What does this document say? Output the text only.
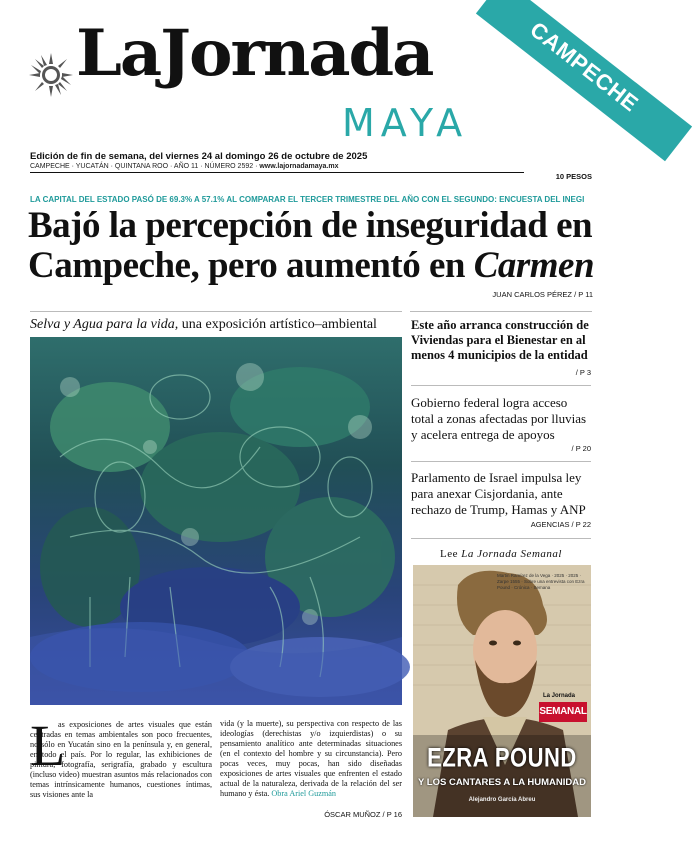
LaJornada
MAYA
CAMPECHE
Edición de fin de semana, del viernes 24 al domingo 26 de octubre de 2025
CAMPECHE · YUCATÁN · QUINTANA ROO · AÑO 11 · NÚMERO 2592 · www.lajornadamaya.mx
10 PESOS
LA CAPITAL DEL ESTADO PASÓ DE 69.3% A 57.1% AL COMPARAR EL TERCER TRIMESTRE DEL AÑO CON EL SEGUNDO: ENCUESTA DEL INEGI
Bajó la percepción de inseguridad en Campeche, pero aumentó en Carmen
JUAN CARLOS PÉREZ / P 11
Selva y Agua para la vida, una exposición artístico–ambiental
L
as exposiciones de artes visuales que están centradas en temas ambientales son poco frecuentes, no sólo en Yucatán sino en la península y, en general, en todo el país. Por lo regular, las exhibiciones de pintura, fotografía, serigrafía, grabado y escultura (incluso video) muestran asuntos más relacionados con temas intrínsicamente humanos, cuestiones íntimas, sus visiones ante la
vida (y la muerte), su perspectiva con respecto de las ideologías (derechistas y/o izquierdistas) o su pensamiento analítico ante determinadas situaciones (en el contexto del hombre y su circunstancia). Pero pocas veces, muy pocas, han sido diseñadas exposiciones de artes visuales que enfrenten el estado actual de la naturaleza, derivada de la relación del ser humano y ésta. Obra Ariel Guzmán
ÓSCAR MUÑOZ / P 16
Este año arranca construcción de Viviendas para el Bienestar en al menos 4 municipios de la entidad
/ P 3
Gobierno federal logra acceso total a zonas afectadas por lluvias y acelera entrega de apoyos
/ P 20
Parlamento de Israel impulsa ley para anexar Cisjordania, ante rechazo de Trump, Hamas y ANP
AGENCIAS / P 22
Lee La Jornada Semanal
Martin Ramírez de la Vega · 2025 · 2025 · Zarpe 1555 · Sobre una entrevista con Ezra Pound · Crónica · Semana
La Jornada
SEMANAL
EZRA POUND
Y LOS CANTARES A LA HUMANIDAD
Alejandro García Abreu
